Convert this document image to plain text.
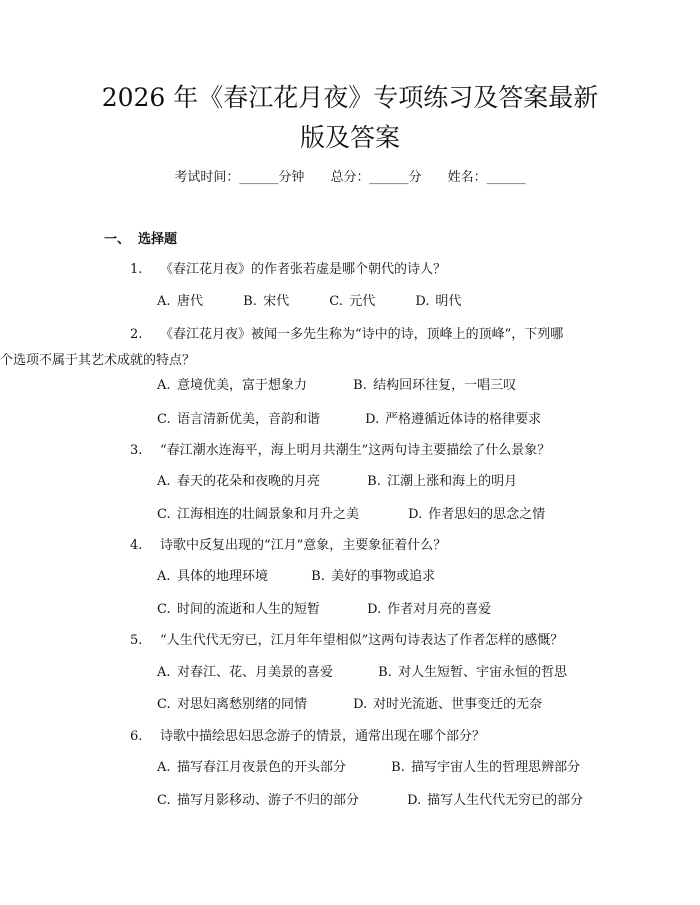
2026 年《春江花月夜》专项练习及答案最新
版及答案
考试时间：______分钟 总分：______分 姓名：______
一、 选择题
1. 《春江花月夜》的作者张若虚是哪个朝代的诗人？
A. 唐代	B. 宋代	C. 元代	D. 明代
2. 《春江花月夜》被闻一多先生称为“诗中的诗，顶峰上的顶峰”，下列哪
个选项不属于其艺术成就的特点？
A. 意境优美，富于想象力	B. 结构回环往复，一唱三叹
C. 语言清新优美，音韵和谐	D. 严格遵循近体诗的格律要求
3. “春江潮水连海平，海上明月共潮生”这两句诗主要描绘了什么景象？
A. 春天的花朵和夜晚的月亮	B. 江潮上涨和海上的明月
C. 江海相连的壮阔景象和月升之美	D. 作者思妇的思念之情
4. 诗歌中反复出现的“江月”意象，主要象征着什么？
A. 具体的地理环境	B. 美好的事物或追求
C. 时间的流逝和人生的短暂	D. 作者对月亮的喜爱
5. “人生代代无穷已，江月年年望相似”这两句诗表达了作者怎样的感慨？
A. 对春江、花、月美景的喜爱	B. 对人生短暂、宇宙永恒的哲思
C. 对思妇离愁别绪的同情	D. 对时光流逝、世事变迁的无奈
6. 诗歌中描绘思妇思念游子的情景，通常出现在哪个部分？
A. 描写春江月夜景色的开头部分	B. 描写宇宙人生的哲理思辨部分
C. 描写月影移动、游子不归的部分	D. 描写人生代代无穷已的部分
